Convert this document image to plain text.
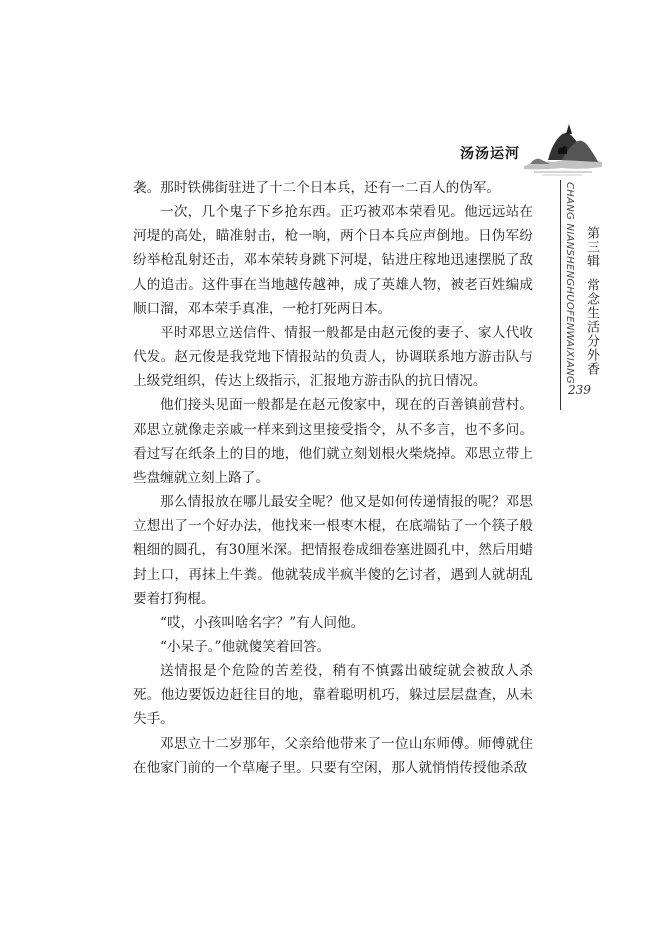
汤汤运河
CHANG NIANSHENGHUOFENWAIXIANG 第三辑常念生活分外香
239

袭。那时铁佛街驻进了十二个日本兵，还有一二百人的伪军。

一次，几个鬼子下乡抢东西。正巧被邓本荣看见。他远远站在河堤的高处，瞄准射击，枪一响，两个日本兵应声倒地。日伪军纷纷举枪乱射还击，邓本荣转身跳下河堤，钻进庄稼地迅速摆脱了敌人的追击。这件事在当地越传越神，成了英雄人物，被老百姓编成顺口溜，邓本荣手真准，一枪打死两日本。

平时邓思立送信件、情报一般都是由赵元俊的妻子、家人代收代发。赵元俊是我党地下情报站的负责人，协调联系地方游击队与上级党组织，传达上级指示，汇报地方游击队的抗日情况。

他们接头见面一般都是在赵元俊家中，现在的百善镇前营村。邓思立就像走亲戚一样来到这里接受指令，从不多言，也不多问。看过写在纸条上的目的地，他们就立刻划根火柴烧掉。邓思立带上些盘缠就立刻上路了。

那么情报放在哪儿最安全呢？他又是如何传递情报的呢？邓思立想出了一个好办法，他找来一根枣木棍，在底端钻了一个筷子般粗细的圆孔，有30厘米深。把情报卷成细卷塞进圆孔中，然后用蜡封上口，再抹上牛粪。他就装成半疯半傻的乞讨者，遇到人就胡乱要着打狗棍。

“哎，小孩叫啥名字？”有人问他。

“小呆子。”他就傻笑着回答。

送情报是个危险的苦差役，稍有不慎露出破绽就会被敌人杀死。他边要饭边赶往目的地，靠着聪明机巧，躲过层层盘查，从未失手。

邓思立十二岁那年，父亲给他带来了一位山东师傅。师傅就住在他家门前的一个草庵子里。只要有空闲，那人就悄悄传授他杀敌
